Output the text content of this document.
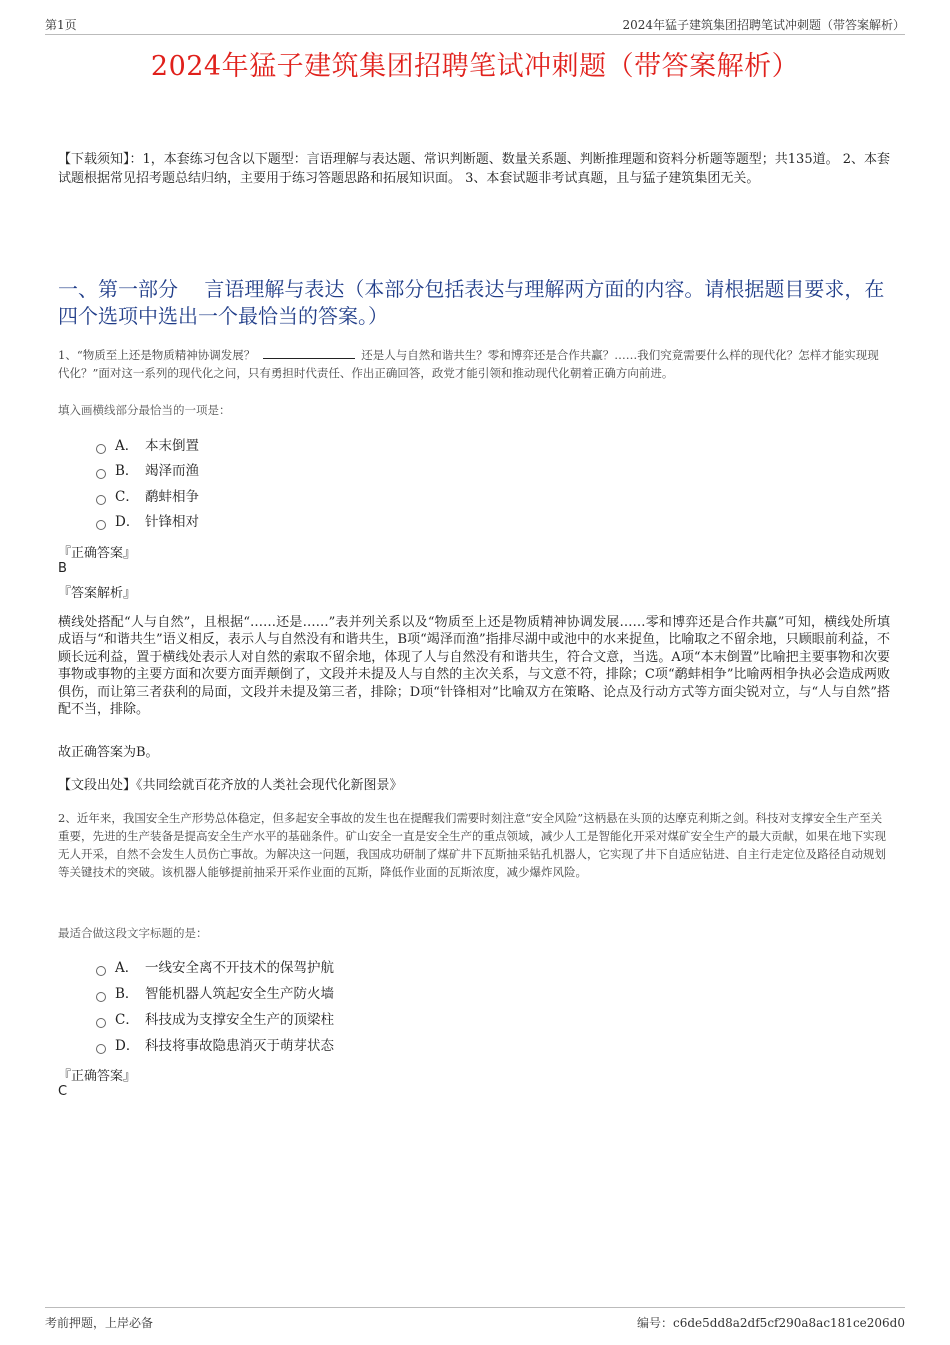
第1页	2024年猛子建筑集团招聘笔试冲刺题（带答案解析）
2024年猛子建筑集团招聘笔试冲刺题（带答案解析）
【下载须知】：1，本套练习包含以下题型：言语理解与表达题、常识判断题、数量关系题、判断推理题和资料分析题等题型；共135道。 2、本套试题根据常见招考题总结归纳，主要用于练习答题思路和拓展知识面。 3、本套试题非考试真题，且与猛子建筑集团无关。
一、第一部分　 言语理解与表达（本部分包括表达与理解两方面的内容。请根据题目要求，在四个选项中选出一个最恰当的答案。）
1、“物质至上还是物质精神协调发展？	还是人与自然和谐共生？零和博弈还是合作共赢？……我们究竟需要什么样的现代化？怎样才能实现现代化？”面对这一系列的现代化之问，只有勇担时代责任、作出正确回答，政党才能引领和推动现代化朝着正确方向前进。
填入画横线部分最恰当的一项是：
A． 本末倒置
B． 竭泽而渔
C． 鹬蚌相争
D． 针锋相对
『正确答案』
B
『答案解析』
横线处搭配“人与自然”，且根据“……还是……”表并列关系以及“物质至上还是物质精神协调发展……零和博弈还是合作共赢”可知，横线处所填成语与“和谐共生”语义相反，表示人与自然没有和谐共生，B项“竭泽而渔”指排尽湖中或池中的水来捉鱼，比喻取之不留余地，只顾眼前利益，不顾长远利益，置于横线处表示人对自然的索取不留余地，体现了人与自然没有和谐共生，符合文意，当选。A项“本末倒置”比喻把主要事物和次要事物或事物的主要方面和次要方面弄颠倒了，文段并未提及人与自然的主次关系，与文意不符，排除；C项“鹬蚌相争”比喻两相争执必会造成两败俱伤，而让第三者获利的局面，文段并未提及第三者，排除；D项“针锋相对”比喻双方在策略、论点及行动方式等方面尖锐对立，与“人与自然”搭配不当，排除。
故正确答案为B。
【文段出处】《共同绘就百花齐放的人类社会现代化新图景》
2、近年来，我国安全生产形势总体稳定，但多起安全事故的发生也在提醒我们需要时刻注意“安全风险”这柄悬在头顶的达摩克利斯之剑。科技对支撑安全生产至关重要，先进的生产装备是提高安全生产水平的基础条件。矿山安全一直是安全生产的重点领域，减少人工是智能化开采对煤矿安全生产的最大贡献，如果在地下实现无人开采，自然不会发生人员伤亡事故。为解决这一问题，我国成功研制了煤矿井下瓦斯抽采钻孔机器人，它实现了井下自适应钻进、自主行走定位及路径自动规划等关键技术的突破。该机器人能够提前抽采开采作业面的瓦斯，降低作业面的瓦斯浓度，减少爆炸风险。
最适合做这段文字标题的是：
A． 一线安全离不开技术的保驾护航
B． 智能机器人筑起安全生产防火墙
C． 科技成为支撑安全生产的顶梁柱
D． 科技将事故隐患消灭于萌芽状态
『正确答案』
C
考前押题，上岸必备	编号：c6de5dd8a2df5cf290a8ac181ce206d0
